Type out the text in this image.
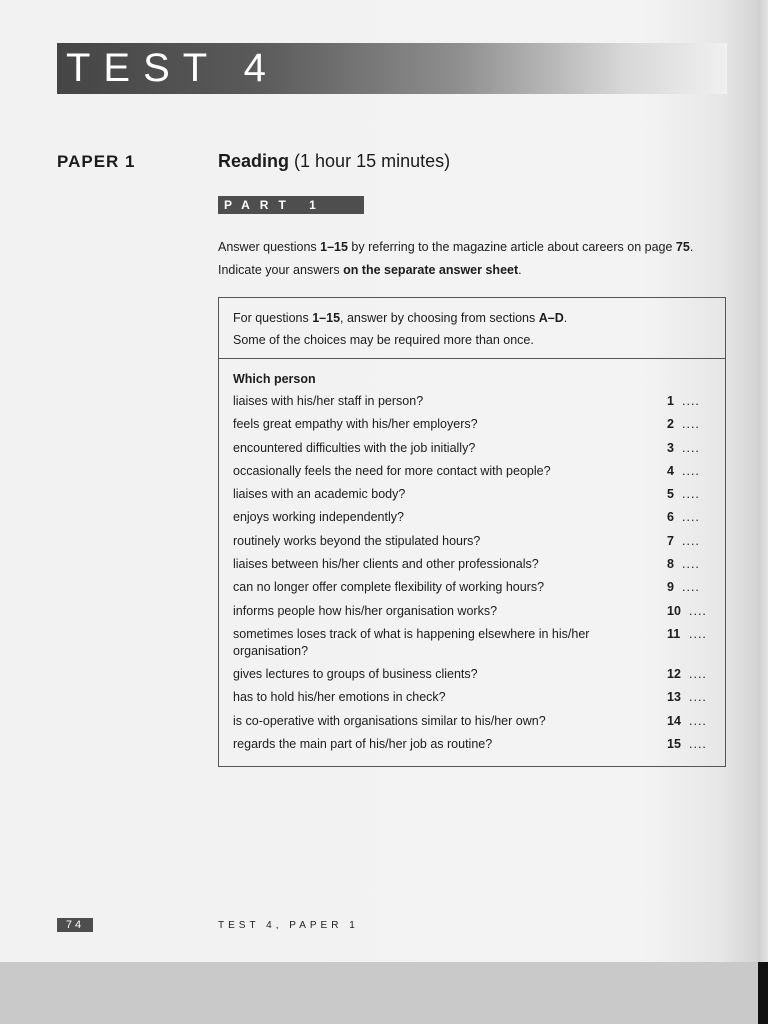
TEST 4
PAPER 1	Reading (1 hour 15 minutes)
PART 1
Answer questions 1–15 by referring to the magazine article about careers on page 75.
Indicate your answers on the separate answer sheet.
For questions 1–15, answer by choosing from sections A–D.
Some of the choices may be required more than once.
Which person
liaises with his/her staff in person?	1 ....
feels great empathy with his/her employers?	2 ....
encountered difficulties with the job initially?	3 ....
occasionally feels the need for more contact with people?	4 ....
liaises with an academic body?	5 ....
enjoys working independently?	6 ....
routinely works beyond the stipulated hours?	7 ....
liaises between his/her clients and other professionals?	8 ....
can no longer offer complete flexibility of working hours?	9 ....
informs people how his/her organisation works?	10 ....
sometimes loses track of what is happening elsewhere in his/her organisation?
11 ....
gives lectures to groups of business clients?	12 ....
has to hold his/her emotions in check?	13 ....
is co-operative with organisations similar to his/her own?	14 ....
regards the main part of his/her job as routine?	15 ....
74	TEST 4, PAPER 1
